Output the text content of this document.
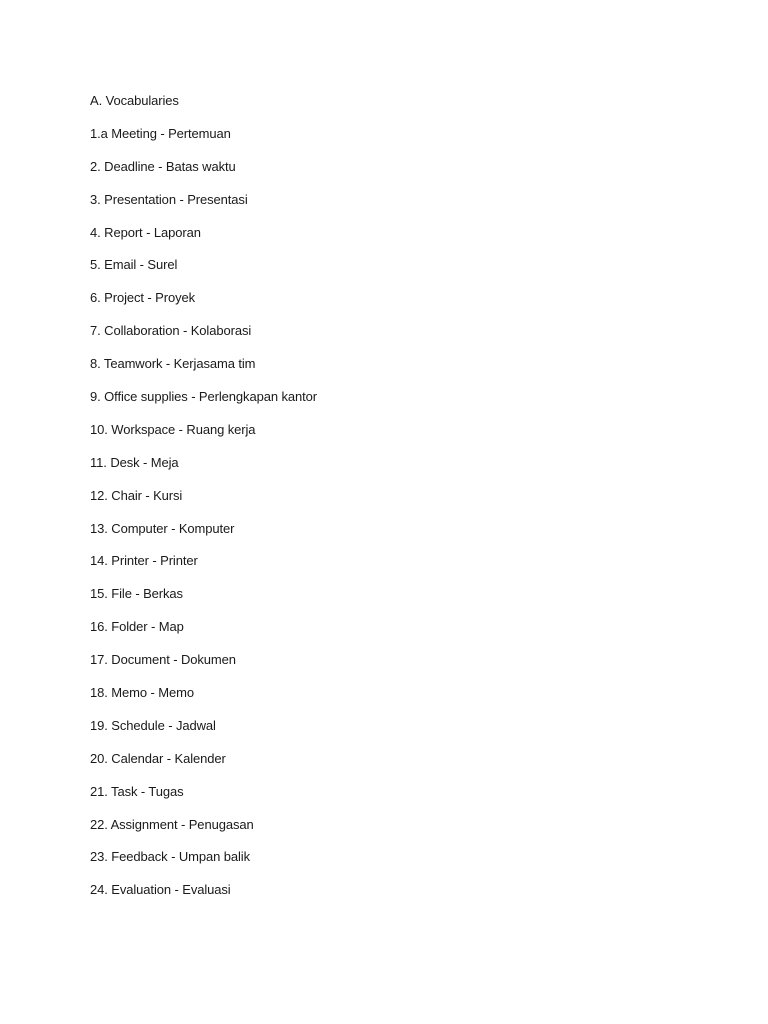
A. Vocabularies
1.a Meeting - Pertemuan
2. Deadline - Batas waktu
3. Presentation - Presentasi
4. Report - Laporan
5. Email - Surel
6. Project - Proyek
7. Collaboration - Kolaborasi
8. Teamwork - Kerjasama tim
9. Office supplies - Perlengkapan kantor
10. Workspace - Ruang kerja
11. Desk - Meja
12. Chair - Kursi
13. Computer - Komputer
14. Printer - Printer
15. File - Berkas
16. Folder - Map
17. Document - Dokumen
18. Memo - Memo
19. Schedule - Jadwal
20. Calendar - Kalender
21. Task - Tugas
22. Assignment - Penugasan
23. Feedback - Umpan balik
24. Evaluation - Evaluasi
